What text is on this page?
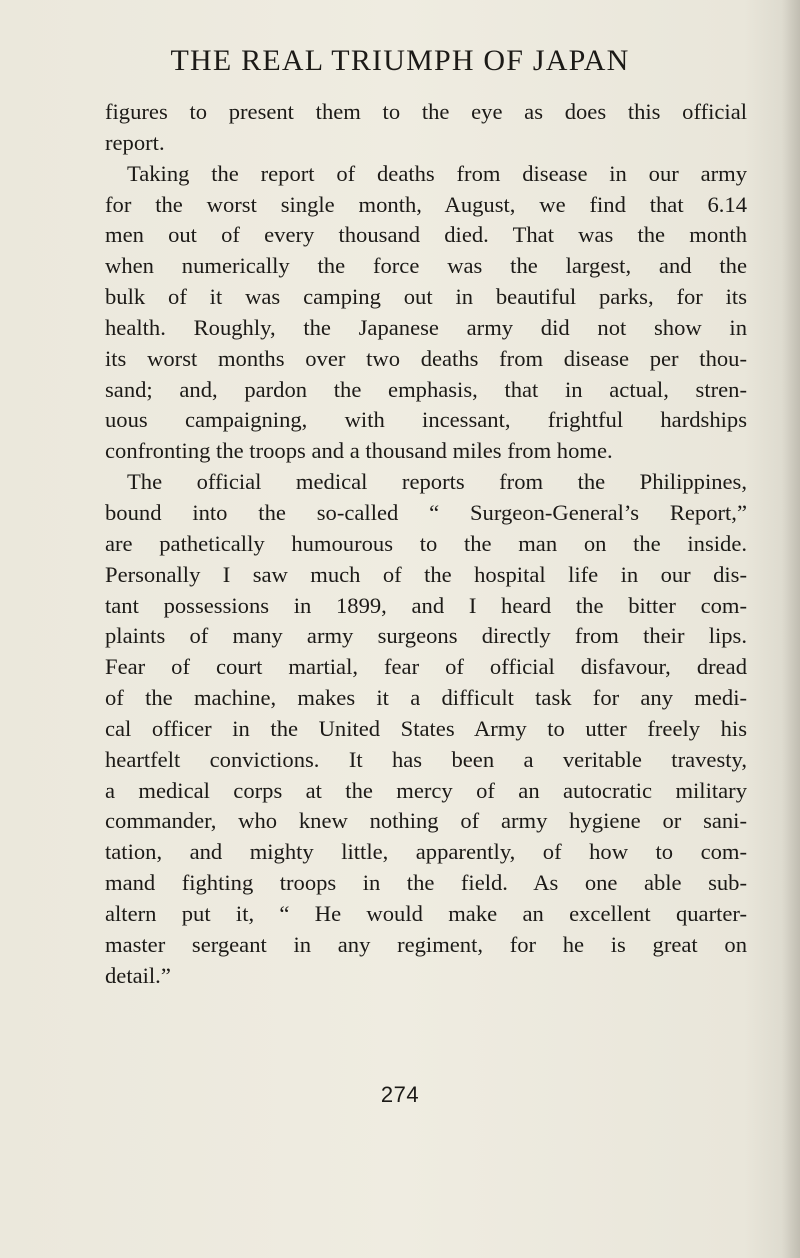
THE REAL TRIUMPH OF JAPAN
figures to present them to the eye as does this official
report.
Taking the report of deaths from disease in our army
for the worst single month, August, we find that 6.14
men out of every thousand died. That was the month
when numerically the force was the largest, and the
bulk of it was camping out in beautiful parks, for its
health. Roughly, the Japanese army did not show in
its worst months over two deaths from disease per thou-
sand; and, pardon the emphasis, that in actual, stren-
uous campaigning, with incessant, frightful hardships
confronting the troops and a thousand miles from home.
The official medical reports from the Philippines,
bound into the so-called “ Surgeon-General’s Report,”
are pathetically humourous to the man on the inside.
Personally I saw much of the hospital life in our dis-
tant possessions in 1899, and I heard the bitter com-
plaints of many army surgeons directly from their lips.
Fear of court martial, fear of official disfavour, dread
of the machine, makes it a difficult task for any medi-
cal officer in the United States Army to utter freely his
heartfelt convictions. It has been a veritable travesty,
a medical corps at the mercy of an autocratic military
commander, who knew nothing of army hygiene or sani-
tation, and mighty little, apparently, of how to com-
mand fighting troops in the field. As one able sub-
altern put it, “ He would make an excellent quarter-
master sergeant in any regiment, for he is great on
detail.”
274
